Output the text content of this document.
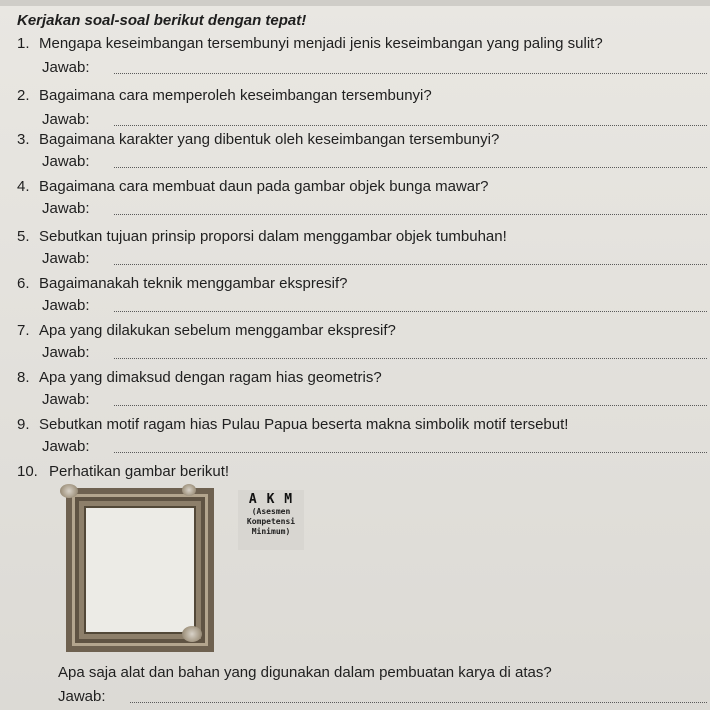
Kerjakan soal-soal berikut dengan tepat!
1. Mengapa keseimbangan tersembunyi menjadi jenis keseimbangan yang paling sulit?
Jawab:
2. Bagaimana cara memperoleh keseimbangan tersembunyi?
Jawab:
3. Bagaimana karakter yang dibentuk oleh keseimbangan tersembunyi?
Jawab:
4. Bagaimana cara membuat daun pada gambar objek bunga mawar?
Jawab:
5. Sebutkan tujuan prinsip proporsi dalam menggambar objek tumbuhan!
Jawab:
6. Bagaimanakah teknik menggambar ekspresif?
Jawab:
7. Apa yang dilakukan sebelum menggambar ekspresif?
Jawab:
8. Apa yang dimaksud dengan ragam hias geometris?
Jawab:
9. Sebutkan motif ragam hias Pulau Papua beserta makna simbolik motif tersebut!
Jawab:
10. Perhatikan gambar berikut!
A K M
(Asesmen
Kompetensi
Minimum)
Apa saja alat dan bahan yang digunakan dalam pembuatan karya di atas?
Jawab:
